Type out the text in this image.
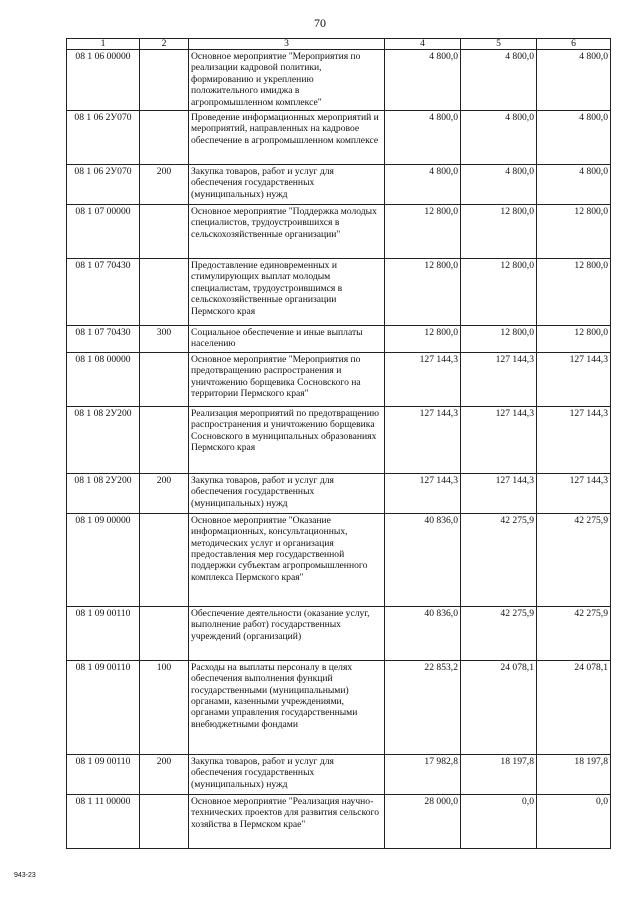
70
1	2	3	4	5	6
08 1 06 00000		Основное мероприятие "Мероприятия по реализации кадровой политики, формированию и укреплению положительного имиджа в агропромышленном комплексе"	4 800,0	4 800,0	4 800,0
08 1 06 2У070		Проведение информационных мероприятий и мероприятий, направленных на кадровое обеспечение в агропромышленном комплексе	4 800,0	4 800,0	4 800,0
08 1 06 2У070	200	Закупка товаров, работ и услуг для обеспечения государственных (муниципальных) нужд	4 800,0	4 800,0	4 800,0
08 1 07 00000		Основное мероприятие "Поддержка молодых специалистов, трудоустроившихся в сельскохозяйственные организации"	12 800,0	12 800,0	12 800,0
08 1 07 70430		Предоставление единовременных и стимулирующих выплат молодым специалистам, трудоустроившимся в сельскохозяйственные организации Пермского края	12 800,0	12 800,0	12 800,0
08 1 07 70430	300	Социальное обеспечение и иные выплаты населению	12 800,0	12 800,0	12 800,0
08 1 08 00000		Основное мероприятие "Мероприятия по предотвращению распространения и уничтожению борщевика Сосновского на территории Пермского края"	127 144,3	127 144,3	127 144,3
08 1 08 2У200		Реализация мероприятий по предотвращению распространения и уничтожению борщевика Сосновского в муниципальных образованиях Пермского края	127 144,3	127 144,3	127 144,3
08 1 08 2У200	200	Закупка товаров, работ и услуг для обеспечения государственных (муниципальных) нужд	127 144,3	127 144,3	127 144,3
08 1 09 00000		Основное мероприятие "Оказание информационных, консультационных, методических услуг и организация предоставления мер государственной поддержки субъектам агропромышленного комплекса Пермского края"	40 836,0	42 275,9	42 275,9
08 1 09 00110		Обеспечение деятельности (оказание услуг, выполнение работ) государственных учреждений (организаций)	40 836,0	42 275,9	42 275,9
08 1 09 00110	100	Расходы на выплаты персоналу в целях обеспечения выполнения функций государственными (муниципальными) органами, казенными учреждениями, органами управления государственными внебюджетными фондами	22 853,2	24 078,1	24 078,1
08 1 09 00110	200	Закупка товаров, работ и услуг для обеспечения государственных (муниципальных) нужд	17 982,8	18 197,8	18 197,8
08 1 11 00000		Основное мероприятие "Реализация научно-технических проектов для развития сельского хозяйства в Пермском крае"	28 000,0	0,0	0,0
943-23
